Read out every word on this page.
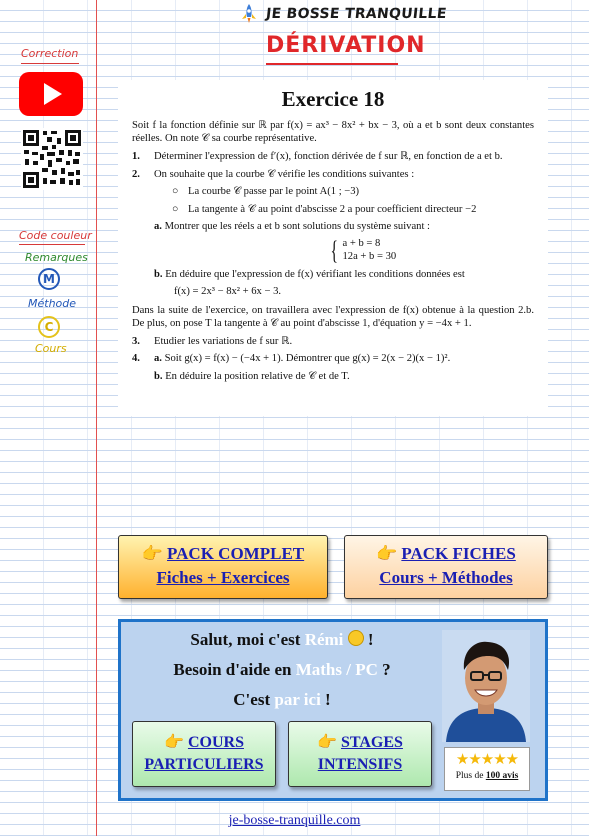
JE BOSSE TRANQUILLE
DÉRIVATION
Correction
Code couleur
Remarques
M
Méthode
C
Cours
Exercice 18

Soit f la fonction définie sur ℝ par f(x) = ax³ − 8x² + bx − 3, où a et b sont deux constantes réelles. On note 𝒞 sa courbe représentative.

1.	Déterminer l'expression de f′(x), fonction dérivée de f sur ℝ, en fonction de a et b.
2.	On souhaite que la courbe 𝒞 vérifie les conditions suivantes :
○ La courbe 𝒞 passe par le point A(1 ; −3)
○ La tangente à 𝒞 au point d'abscisse 2 a pour coefficient directeur −2
a. Montrer que les réels a et b sont solutions du système suivant :
{ a + b = 8
12a + b = 30
b. En déduire que l'expression de f(x) vérifiant les conditions données est
f(x) = 2x³ − 8x² + 6x − 3.

Dans la suite de l'exercice, on travaillera avec l'expression de f(x) obtenue à la question 2.b. De plus, on pose T la tangente à 𝒞 au point d'abscisse 1, d'équation y = −4x + 1.

3.	Etudier les variations de f sur ℝ.
4.	a. Soit g(x) = f(x) − (−4x + 1). Démontrer que g(x) = 2(x − 2)(x − 1)².
b. En déduire la position relative de 𝒞 et de T.
👉 PACK COMPLET
Fiches + Exercices
👉 PACK FICHES
Cours + Méthodes
Salut, moi c'est Rémi  !
Besoin d'aide en Maths / PC ?
C'est par ici !
★★★★★
Plus de 100 avis
👉 COURS
PARTICULIERS
👉 STAGES
INTENSIFS
je-bosse-tranquille.com
